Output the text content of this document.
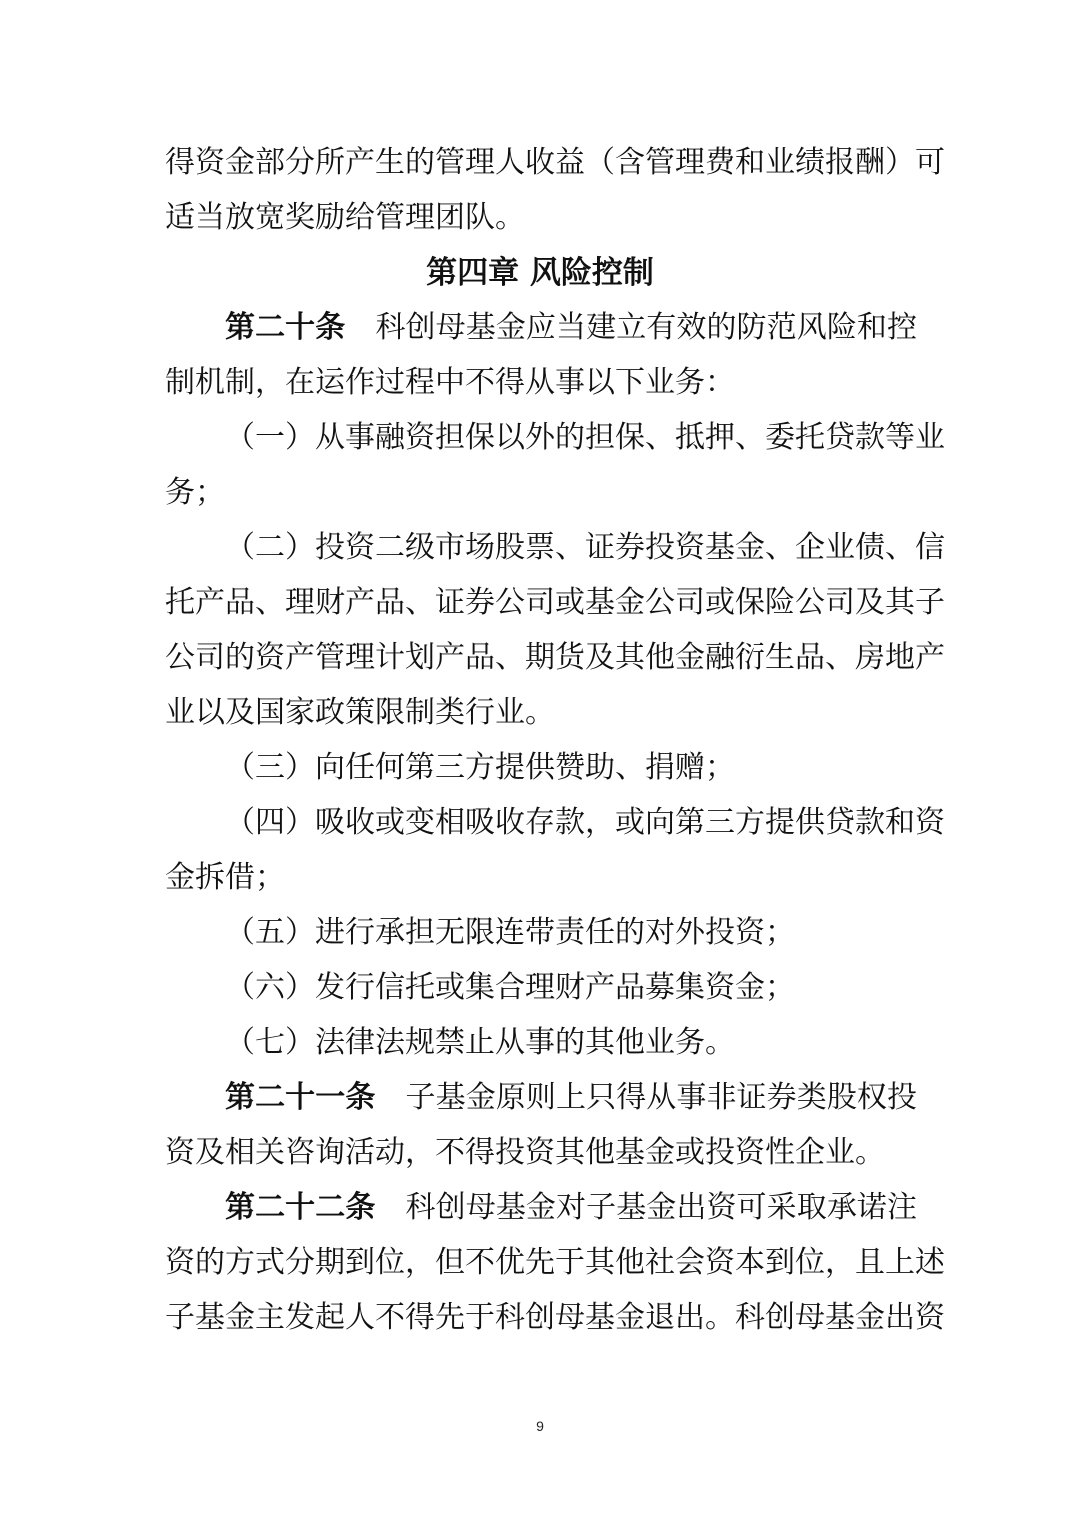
得资金部分所产生的管理人收益（含管理费和业绩报酬）可
适当放宽奖励给管理团队。
第四章 风险控制
第二十条 科创母基金应当建立有效的防范风险和控
制机制，在运作过程中不得从事以下业务：
（一）从事融资担保以外的担保、抵押、委托贷款等业
务；
（二）投资二级市场股票、证券投资基金、企业债、信
托产品、理财产品、证券公司或基金公司或保险公司及其子
公司的资产管理计划产品、期货及其他金融衍生品、房地产
业以及国家政策限制类行业。
（三）向任何第三方提供赞助、捐赠；
（四）吸收或变相吸收存款，或向第三方提供贷款和资
金拆借；
（五）进行承担无限连带责任的对外投资；
（六）发行信托或集合理财产品募集资金；
（七）法律法规禁止从事的其他业务。
第二十一条 子基金原则上只得从事非证券类股权投
资及相关咨询活动，不得投资其他基金或投资性企业。
第二十二条 科创母基金对子基金出资可采取承诺注
资的方式分期到位，但不优先于其他社会资本到位，且上述
子基金主发起人不得先于科创母基金退出。科创母基金出资
9
